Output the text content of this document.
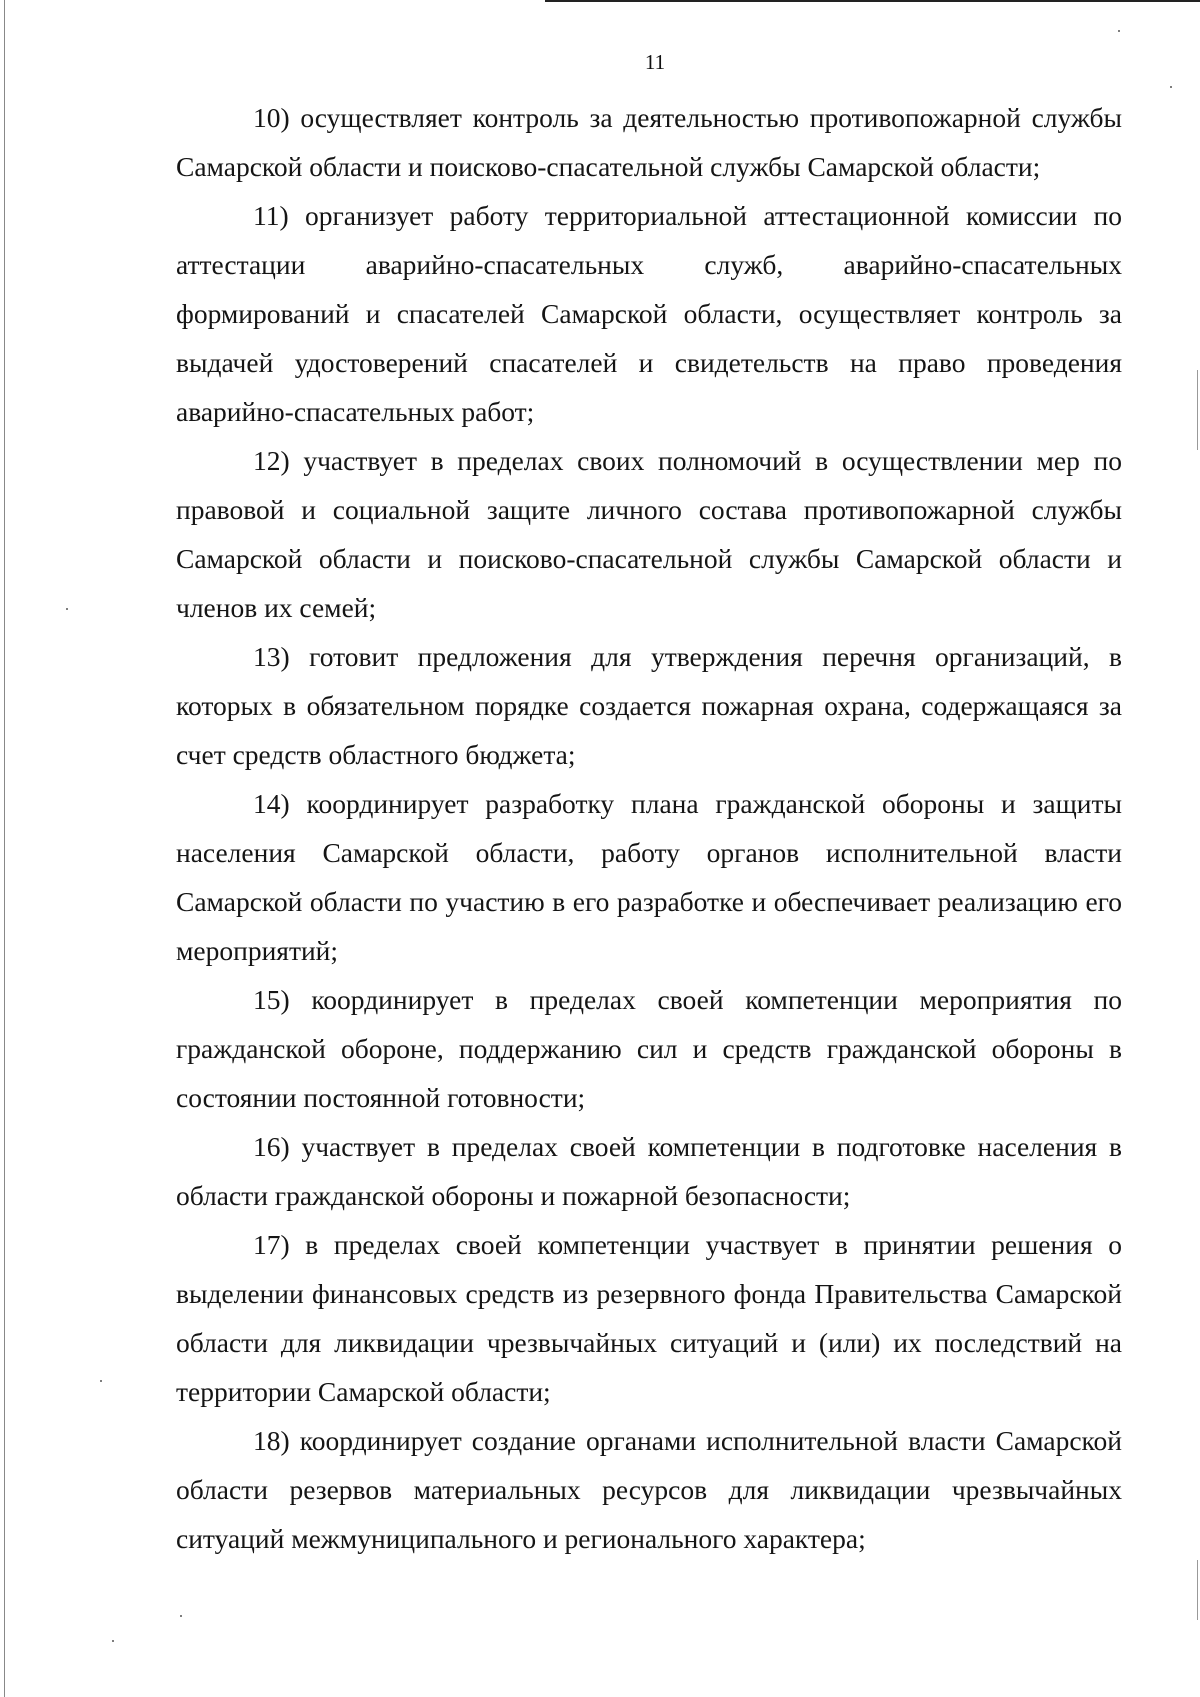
11

10) осуществляет контроль за деятельностью противопожарной службы Самарской области и поисково-спасательной службы Самарской области;

11) организует работу территориальной аттестационной комиссии по аттестации аварийно-спасательных служб, аварийно-спасательных формирований и спасателей Самарской области, осуществляет контроль за выдачей удостоверений спасателей и свидетельств на право проведения аварийно-спасательных работ;

12) участвует в пределах своих полномочий в осуществлении мер по правовой и социальной защите личного состава противопожарной службы Самарской области и поисково-спасательной службы Самарской области и членов их семей;

13) готовит предложения для утверждения перечня организаций, в которых в обязательном порядке создается пожарная охрана, содержащаяся за счет средств областного бюджета;

14) координирует разработку плана гражданской обороны и защиты населения Самарской области, работу органов исполнительной власти Самарской области по участию в его разработке и обеспечивает реализацию его мероприятий;

15) координирует в пределах своей компетенции мероприятия по гражданской обороне, поддержанию сил и средств гражданской обороны в состоянии постоянной готовности;

16) участвует в пределах своей компетенции в подготовке населения в области гражданской обороны и пожарной безопасности;

17) в пределах своей компетенции участвует в принятии решения о выделении финансовых средств из резервного фонда Правительства Самарской области для ликвидации чрезвычайных ситуаций и (или) их последствий на территории Самарской области;

18) координирует создание органами исполнительной власти Самарской области резервов материальных ресурсов для ликвидации чрезвычайных ситуаций межмуниципального и регионального характера;
